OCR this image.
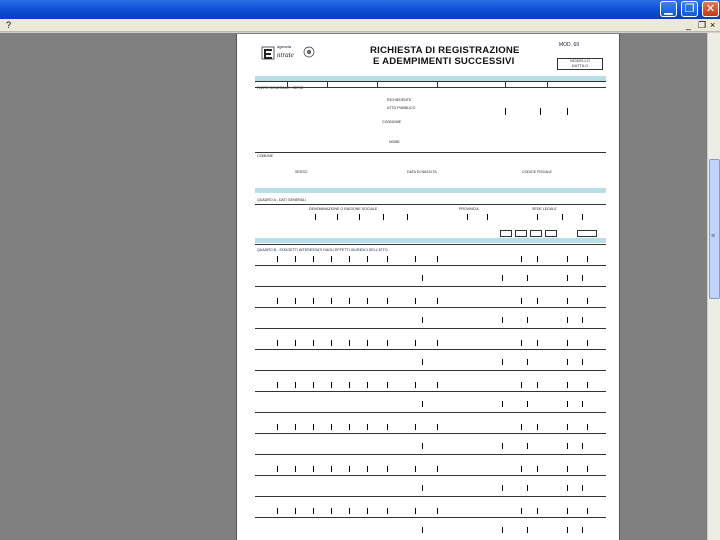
▁	❐	✕
?	_ ❐ ×
≡
agenzia
ntrate	RICHIESTA DI REGISTRAZIONE
E ADEMPIMENTI SUCCESSIVI
MOD. 69
MODELLO
DATTILO
PARTE GENERALE - SERIE
RICHIEDENTE
ATTO PUBBLICO
COGNOME
NOME
COMUNE
SESSO	DATA DI NASCITA	CODICE FISCALE
QUADRO A - DATI GENERALI
DENOMINAZIONE O RAGIONE SOCIALE	PROVINCIA	SEDE LEGALE
QUADRO B - SOGGETTI INTERESSATI DAGLI EFFETTI GIURIDICI DELL'ATTO
